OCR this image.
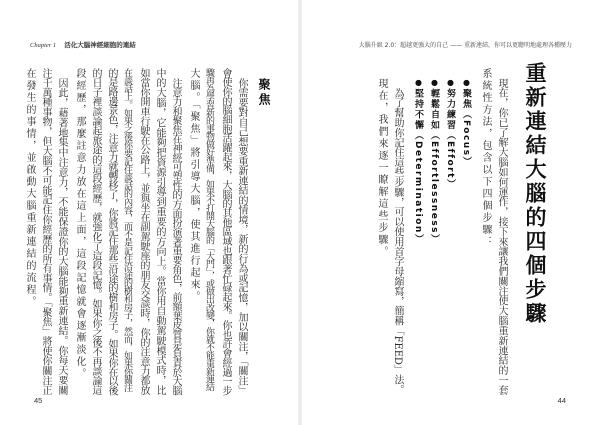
Chapter 1 活化大腦神經細胞的連結
45
聚焦
你需要對自己想要重新連結的情境，新的行為或記憶，加以關注，「關注」
會使你的腦細胞活躍起來，大腦的其他區域也跟著忙碌起來。你也許會經過一步
驟再為學習新的事物做好準備，如果不打開大腦的「大門」，或做出改變，你就不能重新連結
大腦。「聚焦」將引導大腦，使其進行起來。
注意力和聚焦在神經可塑性的方面扮演著重要角色，前額葉皮質是負責於大腦
中的大腦，它能夠把資源引導到重要的方向上。當你用自動駕駛模式時，比
如當你開車行駛在公路上，並與坐在副駕駛座的朋友交談時，你的注意力都放
在談話上。如果之後你要記住談話的內容，而不是記住沿途的樹和房子，然而，如果你關注
的是路邊景色，注意力就轉移了，你將記住那些沿途的樹和房子。如果你在以後
的日子裡談論起旅途的這段經歷，就強化了這段記憶。如果你之後不再談論這
段經歷，那麼註意力放在這上面，這段記憶就會逐漸淡化。
因此，藉著地集中注意力，不能保證你的大腦能夠重新連結。你每天要關
注千萬種事物，但大腦不可能記住你經歷的所有事情。「聚焦」將使你關注正
在發生的事情，並啟動大腦重新連結的流程。
大腦升級 2.0：超越更強大的自己 —— 重新連結，你可以更聰明地處理各種壓力
44
重新連結大腦的四個步驟
現在，你已了解大腦如何運作，接下來讓我們關注使大腦重新連結的一套
系統性方法，包含以下四個步驟：
●聚焦（Focus）
●努力練習（Effort）
●輕鬆自如（Effortlessness）
●堅持不懈（Determination）
為了幫助你記住這些步驟，可以使用首字母縮寫，簡稱「FEED」法。
現在，我們來逐一瞭解這些步驟。
